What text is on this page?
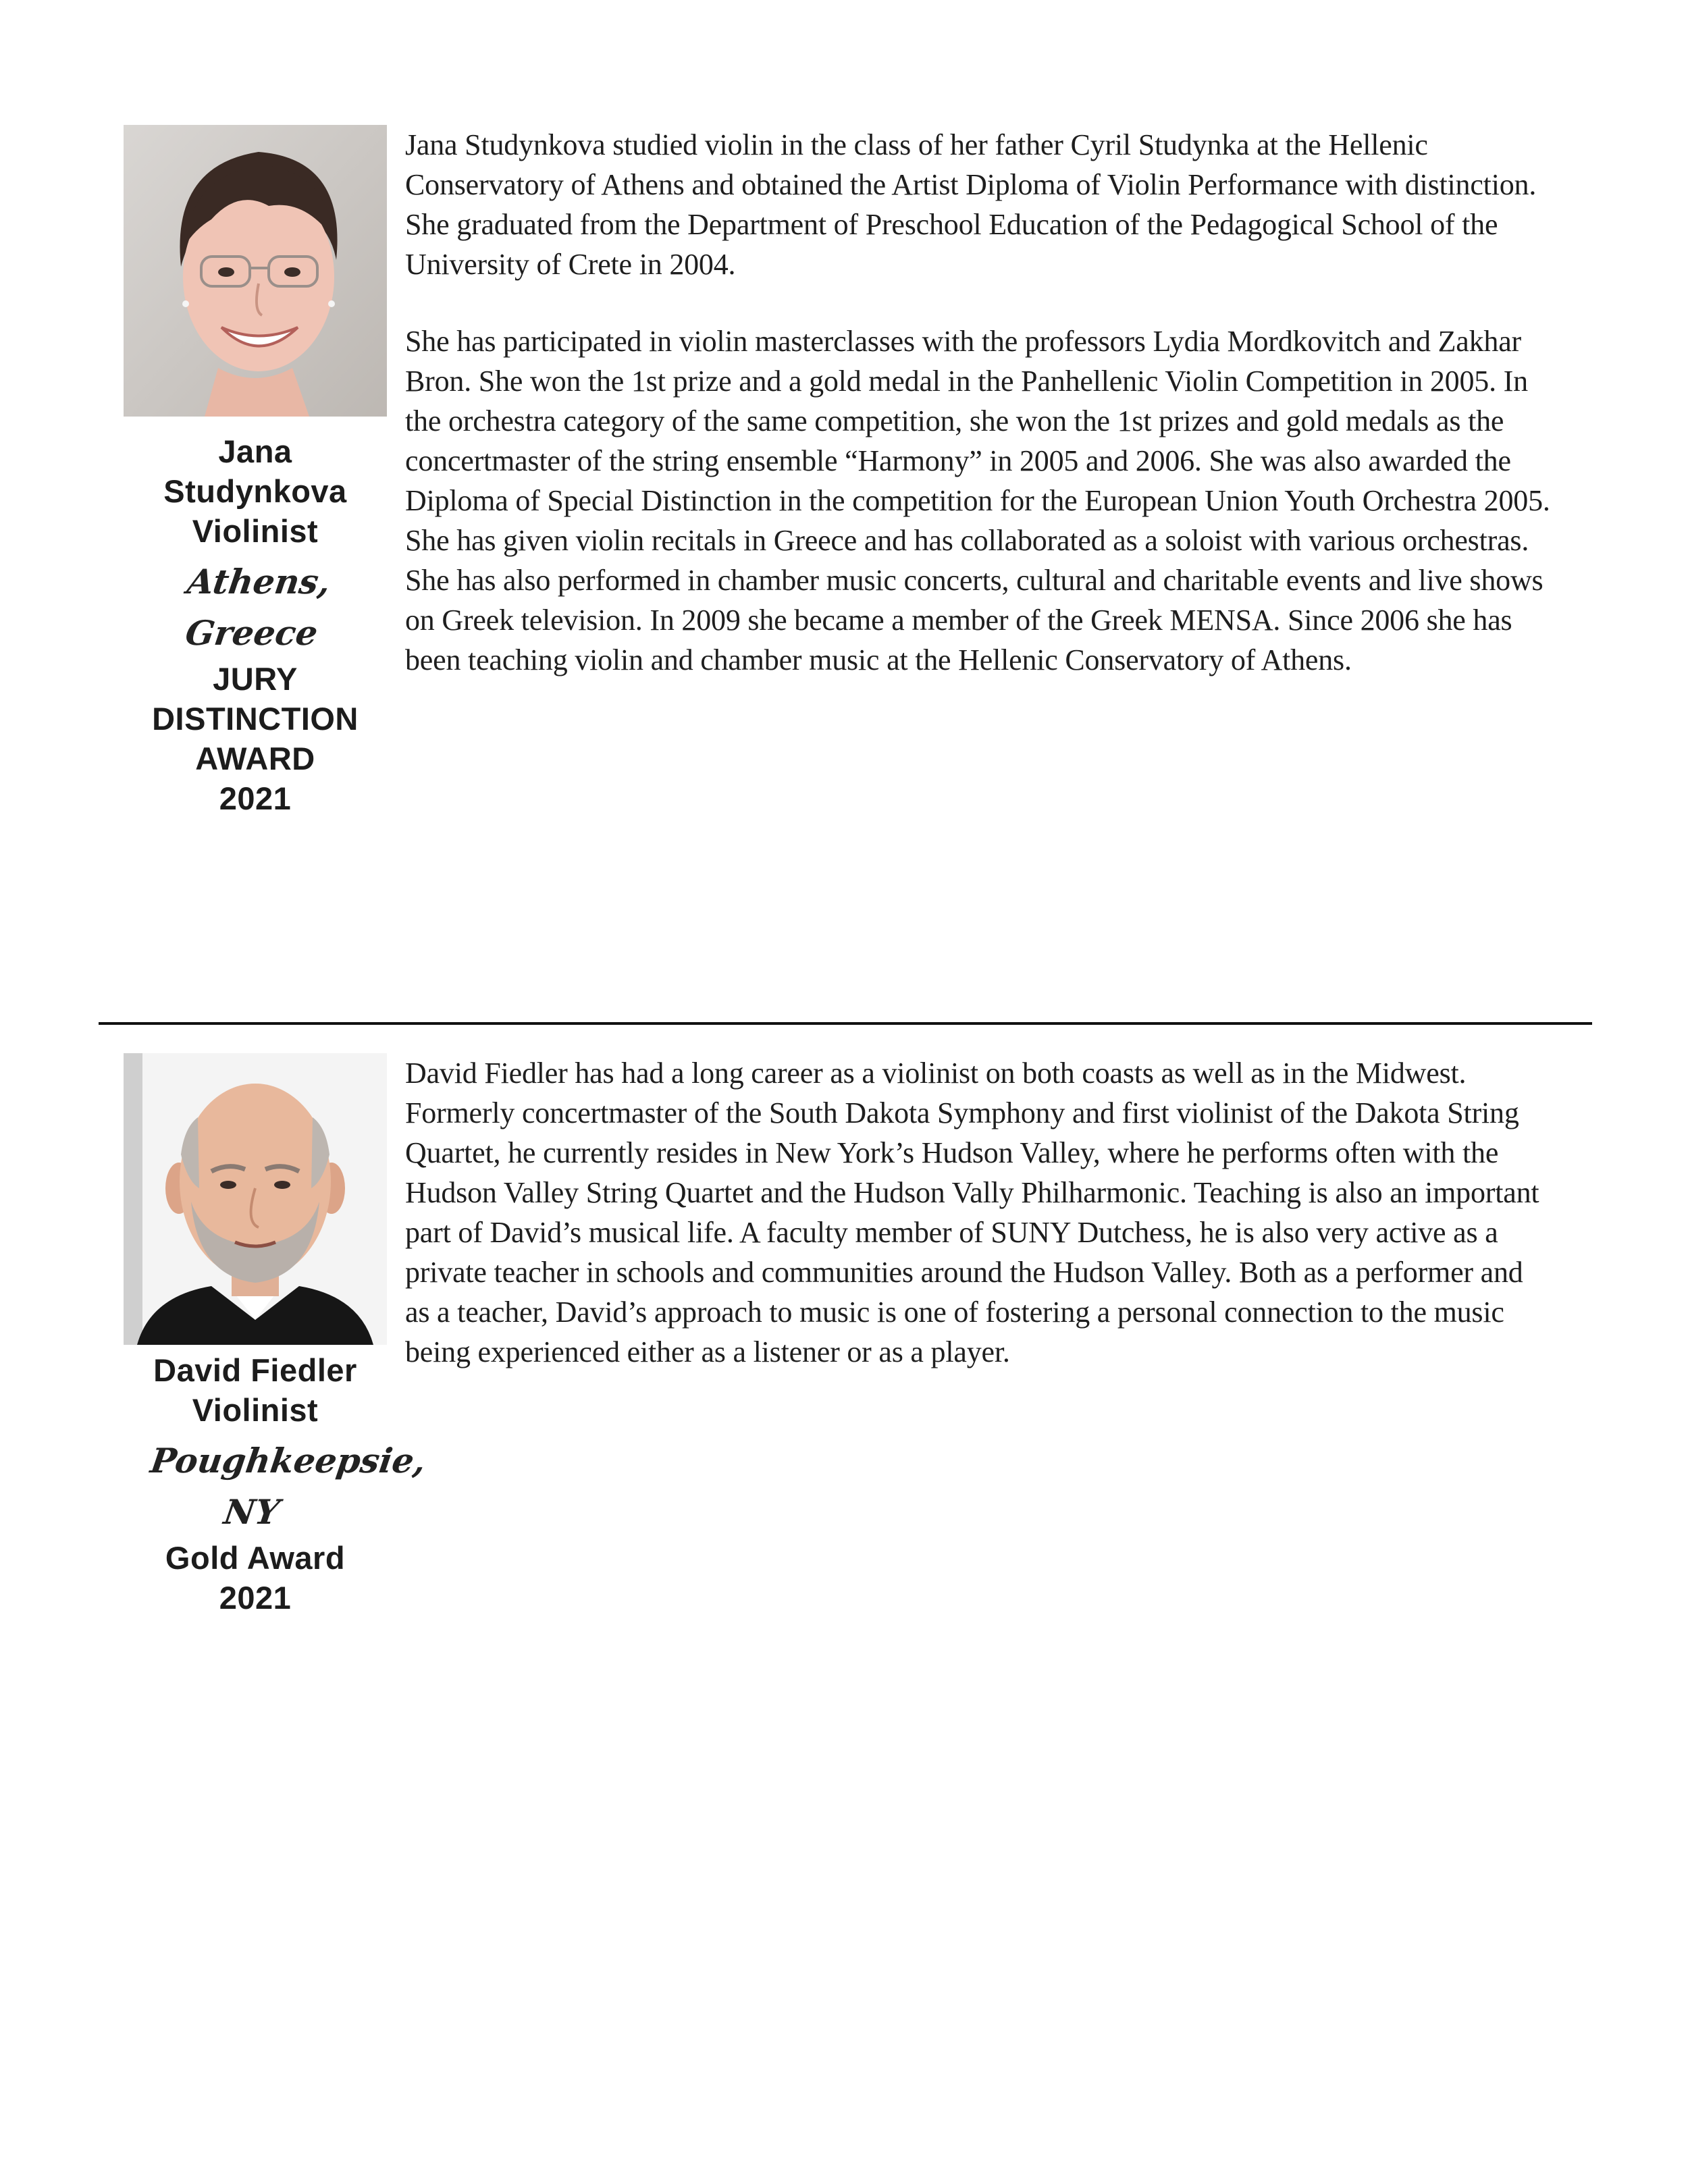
Jana
Studynkova
Violinist
Athens, Greece
JURY
DISTINCTION
AWARD
2021

Jana Studynkova studied violin in the class of her father Cyril Studynka at the Hellenic Conservatory of Athens and obtained the Artist Diploma of Violin Performance with distinction. She graduated from the Department of Preschool Education of the Pedagogical School of the University of Crete in 2004.

She has participated in violin masterclasses with the professors Lydia Mordkovitch and Zakhar Bron. She won the 1st prize and a gold medal in the Panhellenic Violin Competition in 2005. In the orchestra category of the same competition, she won the 1st prizes and gold medals as the concertmaster of the string ensemble “Harmony” in 2005 and 2006. She was also awarded the Diploma of Special Distinction in the competition for the European Union Youth Orchestra 2005. She has given violin recitals in Greece and has collaborated as a soloist with various orchestras. She has also performed in chamber music concerts, cultural and charitable events and live shows on Greek television. In 2009 she became a member of the Greek MENSA. Since 2006 she has been teaching violin and chamber music at the Hellenic Conservatory of Athens.

David Fiedler
Violinist
Poughkeepsie, NY
Gold Award
2021

David Fiedler has had a long career as a violinist on both coasts as well as in the Midwest. Formerly concertmaster of the South Dakota Symphony and first violinist of the Dakota String Quartet, he currently resides in New York’s Hudson Valley, where he performs often with the Hudson Valley String Quartet and the Hudson Vally Philharmonic. Teaching is also an important part of David’s musical life. A faculty member of SUNY Dutchess, he is also very active as a private teacher in schools and communities around the Hudson Valley. Both as a performer and as a teacher, David’s approach to music is one of fostering a personal connection to the music being experienced either as a listener or as a player.
